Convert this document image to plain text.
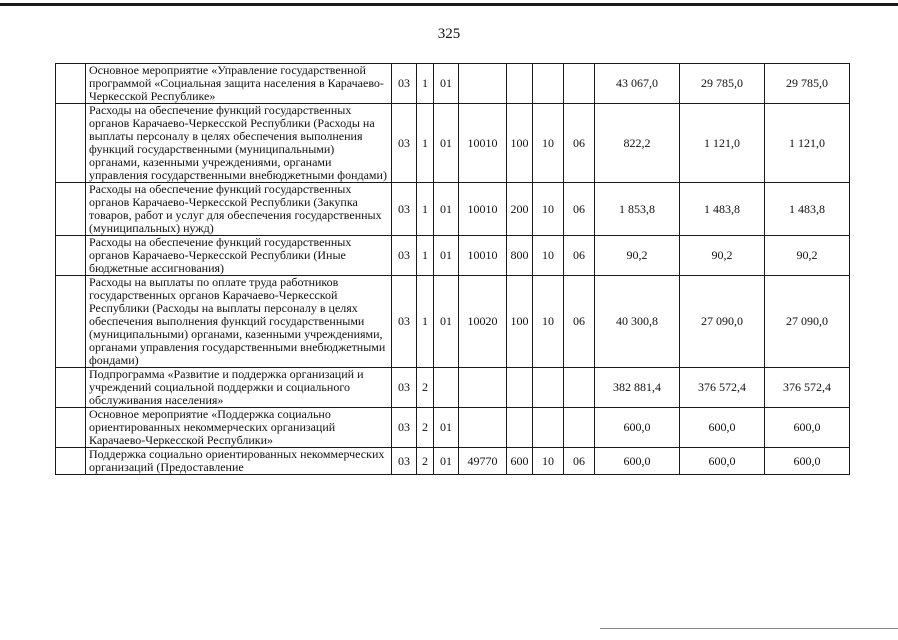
325
	Основное мероприятие «Управление государственной программой «Социальная защита населения в Карачаево-Черкесской Республике»	03	1	01					43 067,0	29 785,0	29 785,0
	Расходы на обеспечение функций государственных органов Карачаево-Черкесской Республики (Расходы на выплаты персоналу в целях обеспечения выполнения функций государственными (муниципальными) органами, казенными учреждениями, органами управления государственными внебюджетными фондами)	03	1	01	10010	100	10	06	822,2	1 121,0	1 121,0
	Расходы на обеспечение функций государственных органов Карачаево-Черкесской Республики (Закупка товаров, работ и услуг для обеспечения государственных (муниципальных) нужд)	03	1	01	10010	200	10	06	1 853,8	1 483,8	1 483,8
	Расходы на обеспечение функций государственных органов Карачаево-Черкесской Республики (Иные бюджетные ассигнования)	03	1	01	10010	800	10	06	90,2	90,2	90,2
	Расходы на выплаты по оплате труда работников государственных органов Карачаево-Черкесской Республики (Расходы на выплаты персоналу в целях обеспечения выполнения функций государственными (муниципальными) органами, казенными учреждениями, органами управления государственными внебюджетными фондами)	03	1	01	10020	100	10	06	40 300,8	27 090,0	27 090,0
	Подпрограмма «Развитие и поддержка организаций и учреждений социальной поддержки и социального обслуживания населения»	03	2						382 881,4	376 572,4	376 572,4
	Основное мероприятие «Поддержка социально ориентированных некоммерческих организаций Карачаево-Черкесской Республики»	03	2	01					600,0	600,0	600,0
	Поддержка социально ориентированных некоммерческих организаций (Предоставление	03	2	01	49770	600	10	06	600,0	600,0	600,0
